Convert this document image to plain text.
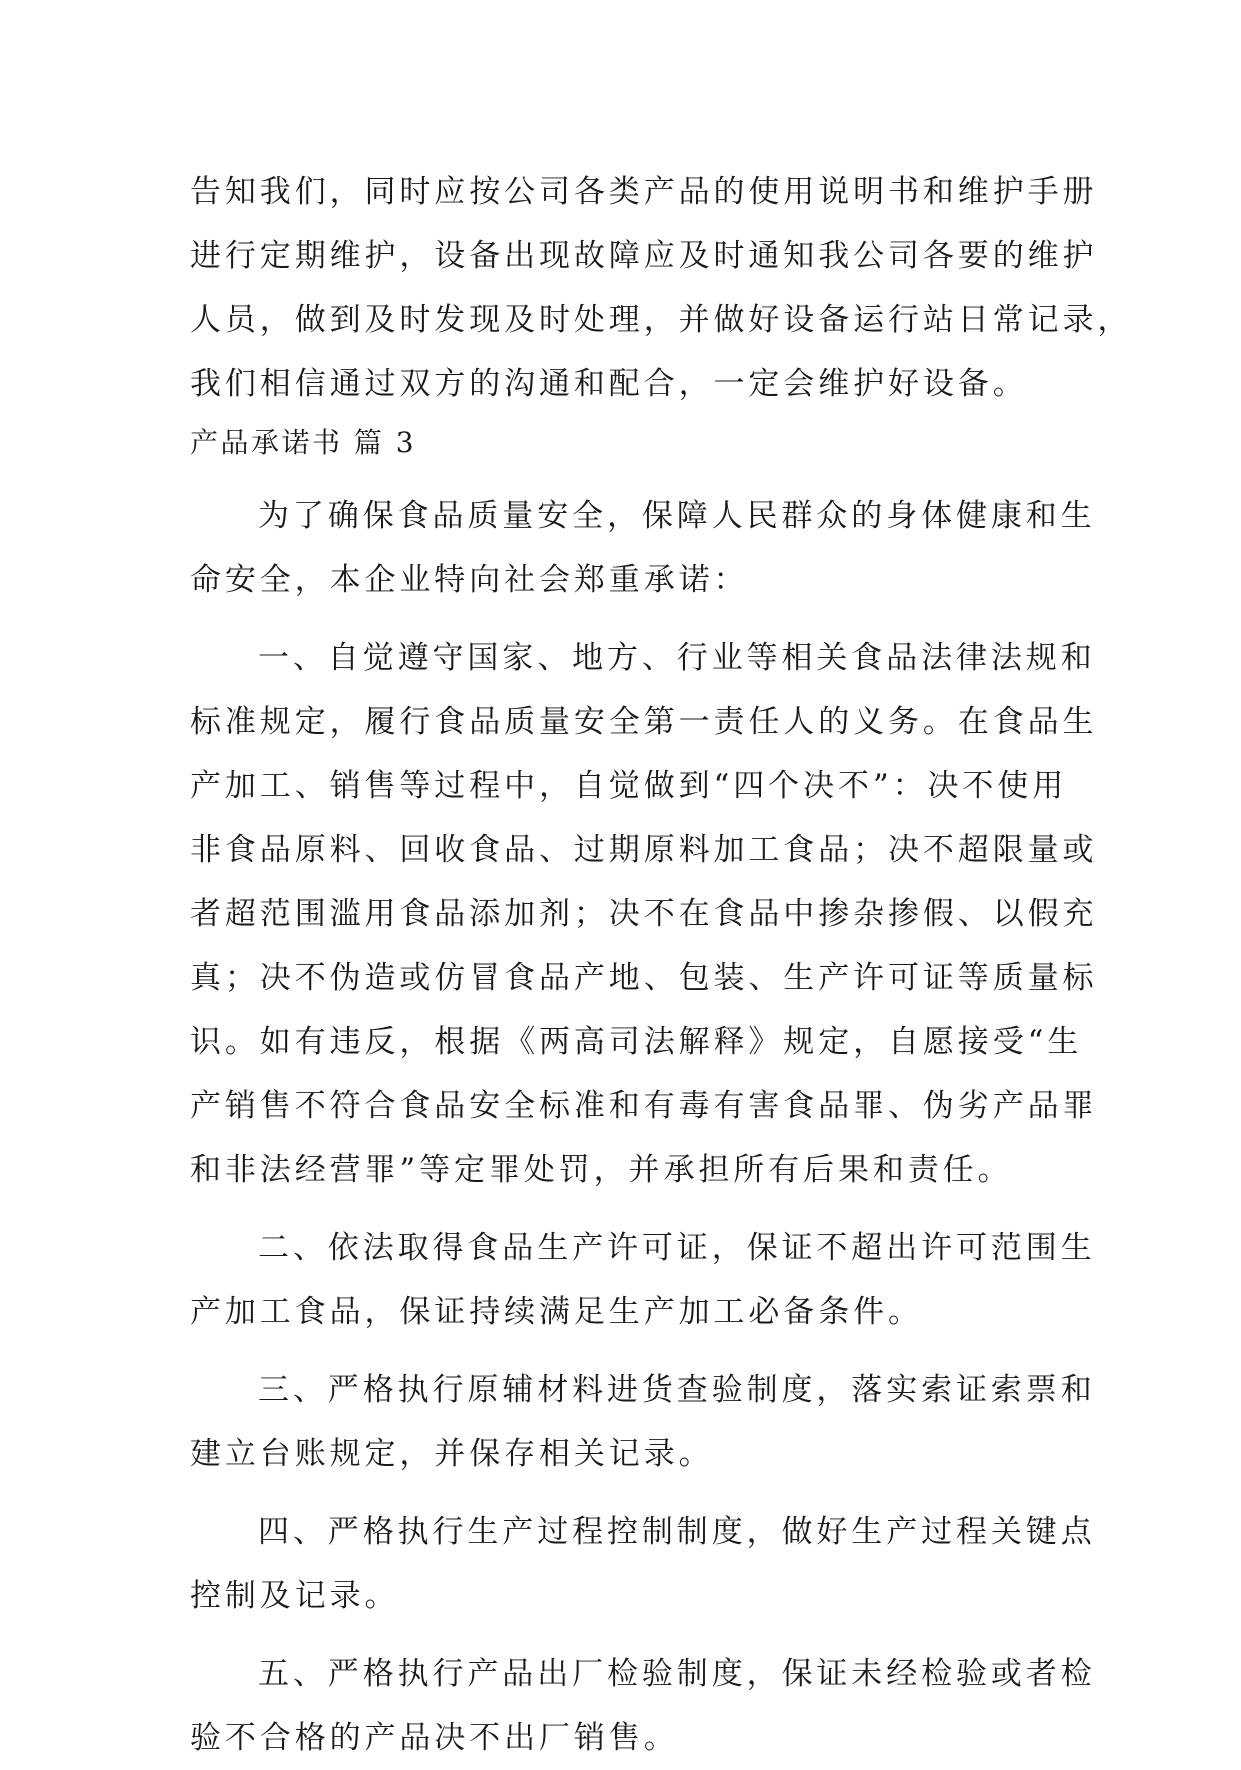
告知我们，同时应按公司各类产品的使用说明书和维护手册
进行定期维护，设备出现故障应及时通知我公司各要的维护
人员，做到及时发现及时处理，并做好设备运行站日常记录，
我们相信通过双方的沟通和配合，一定会维护好设备。
产品承诺书 篇 3
为了确保食品质量安全，保障人民群众的身体健康和生
命安全，本企业特向社会郑重承诺：
一、自觉遵守国家、地方、行业等相关食品法律法规和
标准规定，履行食品质量安全第一责任人的义务。在食品生
产加工、销售等过程中，自觉做到“四个决不”：决不使用
非食品原料、回收食品、过期原料加工食品；决不超限量或
者超范围滥用食品添加剂；决不在食品中掺杂掺假、以假充
真；决不伪造或仿冒食品产地、包装、生产许可证等质量标
识。如有违反，根据《两高司法解释》规定，自愿接受“生
产销售不符合食品安全标准和有毒有害食品罪、伪劣产品罪
和非法经营罪”等定罪处罚，并承担所有后果和责任。
二、依法取得食品生产许可证，保证不超出许可范围生
产加工食品，保证持续满足生产加工必备条件。
三、严格执行原辅材料进货查验制度，落实索证索票和
建立台账规定，并保存相关记录。
四、严格执行生产过程控制制度，做好生产过程关键点
控制及记录。
五、严格执行产品出厂检验制度，保证未经检验或者检
验不合格的产品决不出厂销售。
